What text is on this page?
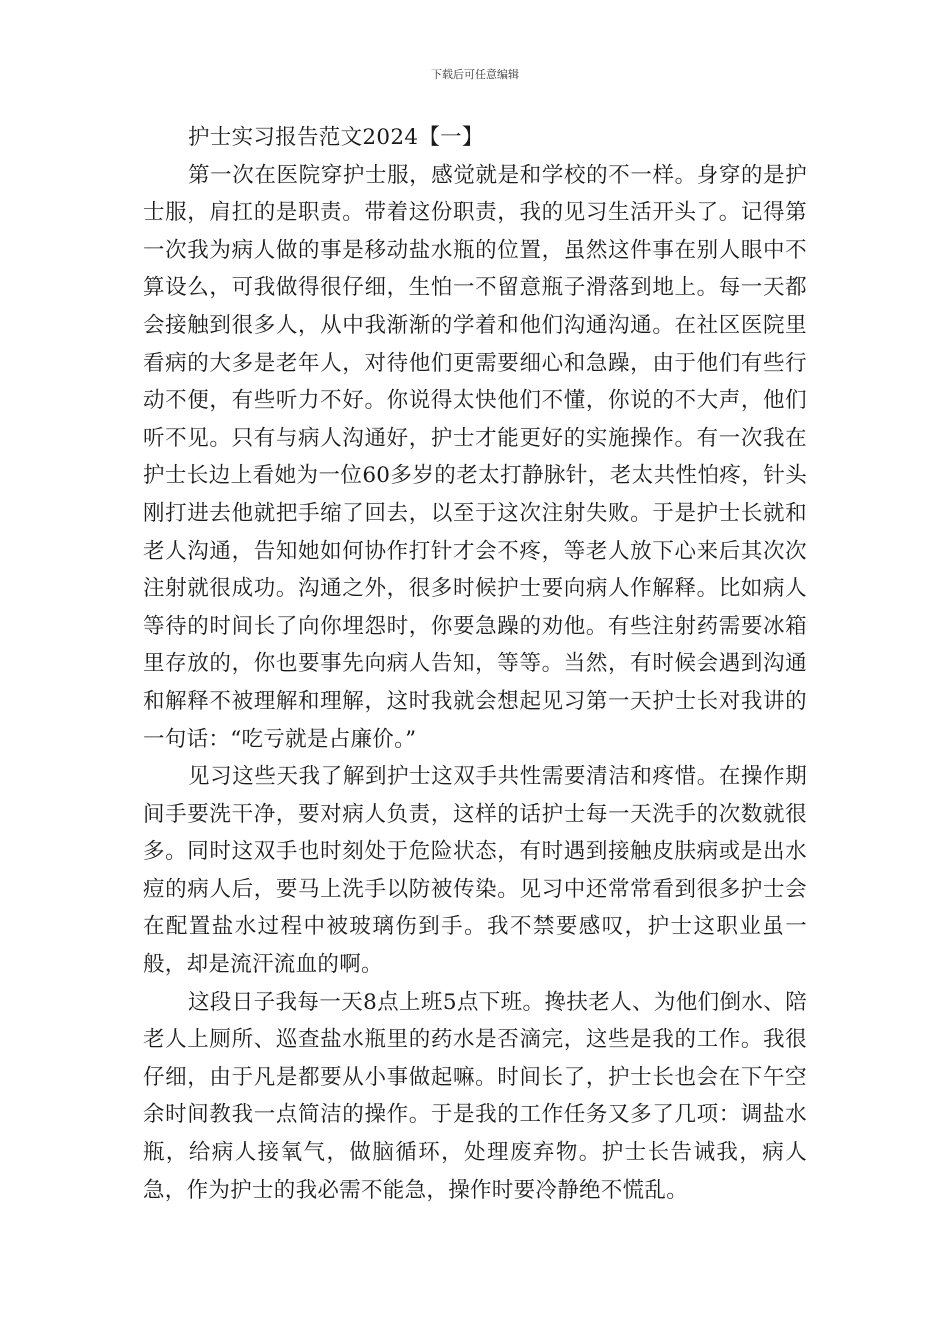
下载后可任意编辑

护士实习报告范文2024【一】

第一次在医院穿护士服，感觉就是和学校的不一样。身穿的是护士服，肩扛的是职责。带着这份职责，我的见习生活开头了。记得第一次我为病人做的事是移动盐水瓶的位置，虽然这件事在别人眼中不算设么，可我做得很仔细，生怕一不留意瓶子滑落到地上。每一天都会接触到很多人，从中我渐渐的学着和他们沟通沟通。在社区医院里看病的大多是老年人，对待他们更需要细心和急躁，由于他们有些行动不便，有些听力不好。你说得太快他们不懂，你说的不大声，他们听不见。只有与病人沟通好，护士才能更好的实施操作。有一次我在护士长边上看她为一位60多岁的老太打静脉针，老太共性怕疼，针头刚打进去他就把手缩了回去，以至于这次注射失败。于是护士长就和老人沟通，告知她如何协作打针才会不疼，等老人放下心来后其次次注射就很成功。沟通之外，很多时候护士要向病人作解释。比如病人等待的时间长了向你埋怨时，你要急躁的劝他。有些注射药需要冰箱里存放的，你也要事先向病人告知，等等。当然，有时候会遇到沟通和解释不被理解和理解，这时我就会想起见习第一天护士长对我讲的一句话：“吃亏就是占廉价。”

见习这些天我了解到护士这双手共性需要清洁和疼惜。在操作期间手要洗干净，要对病人负责，这样的话护士每一天洗手的次数就很多。同时这双手也时刻处于危险状态，有时遇到接触皮肤病或是出水痘的病人后，要马上洗手以防被传染。见习中还常常看到很多护士会在配置盐水过程中被玻璃伤到手。我不禁要感叹，护士这职业虽一般，却是流汗流血的啊。

这段日子我每一天8点上班5点下班。搀扶老人、为他们倒水、陪老人上厕所、巡查盐水瓶里的药水是否滴完，这些是我的工作。我很仔细，由于凡是都要从小事做起嘛。时间长了，护士长也会在下午空余时间教我一点简洁的操作。于是我的工作任务又多了几项：调盐水瓶，给病人接氧气，做脑循环，处理废弃物。护士长告诫我，病人急，作为护士的我必需不能急，操作时要冷静绝不慌乱。
